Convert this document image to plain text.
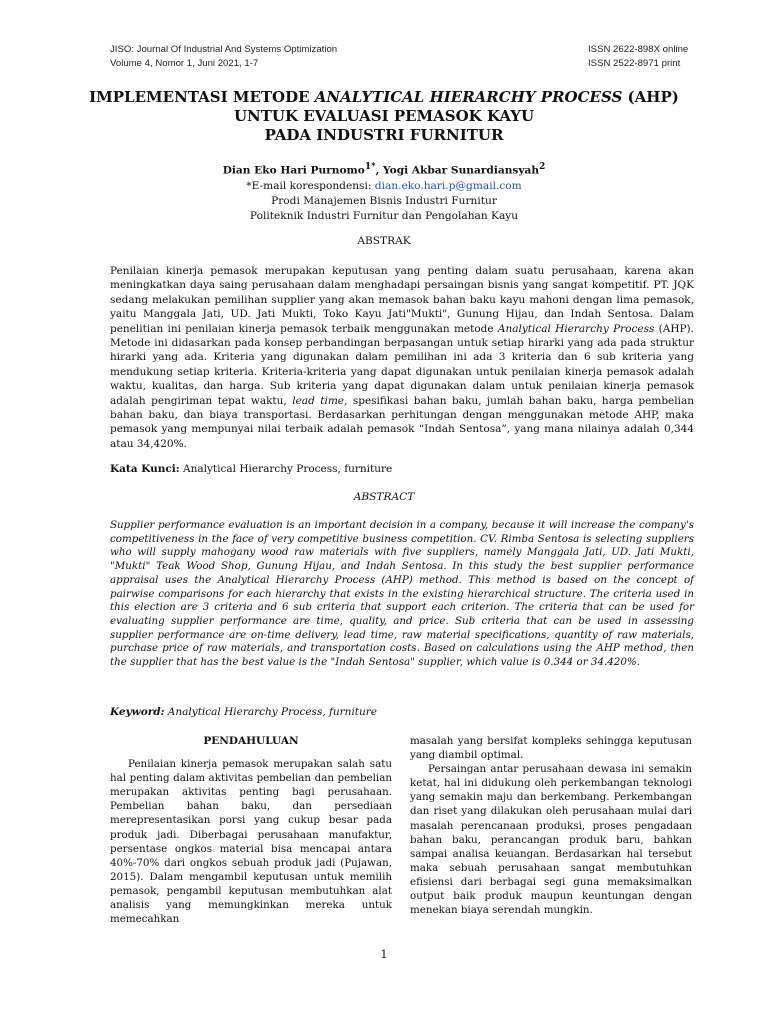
JISO: Journal Of Industrial And Systems Optimization
Volume 4, Nomor 1, Juni 2021, 1-7
ISSN 2622-898X online
ISSN 2522-8971 print
IMPLEMENTASI METODE ANALYTICAL HIERARCHY PROCESS (AHP)
UNTUK EVALUASI PEMASOK KAYU
PADA INDUSTRI FURNITUR
Dian Eko Hari Purnomo$^{1*}$, Yogi Akbar Sunardiansyah$^2$
*E-mail korespondensi: dian.eko.hari.p@gmail.com
Prodi Manajemen Bisnis Industri Furnitur
Politeknik Industri Furnitur dan Pengolahan Kayu
ABSTRAK
Penilaian kinerja pemasok merupakan keputusan yang penting dalam suatu perusahaan, karena akan meningkatkan daya saing perusahaan dalam menghadapi persaingan bisnis yang sangat kompetitif. PT. JQK sedang melakukan pemilihan supplier yang akan memasok bahan baku kayu mahoni dengan lima pemasok, yaitu Manggala Jati, UD. Jati Mukti, Toko Kayu Jati"Mukti", Gunung Hijau, dan Indah Sentosa. Dalam penelitian ini penilaian kinerja pemasok terbaik menggunakan metode Analytical Hierarchy Process (AHP). Metode ini didasarkan pada konsep perbandingan berpasangan untuk setiap hirarki yang ada pada struktur hirarki yang ada. Kriteria yang digunakan dalam pemilihan ini ada 3 kriteria dan 6 sub kriteria yang mendukung setiap kriteria. Kriteria-kriteria yang dapat digunakan untuk penilaian kinerja pemasok adalah waktu, kualitas, dan harga. Sub kriteria yang dapat digunakan dalam untuk penilaian kinerja pemasok adalah pengiriman tepat waktu, lead time, spesifikasi bahan baku, jumlah bahan baku, harga pembelian bahan baku, dan biaya transportasi. Berdasarkan perhitungan dengan menggunakan metode AHP, maka pemasok yang mempunyai nilai terbaik adalah pemasok “Indah Sentosa”, yang mana nilainya adalah 0,344 atau 34,420%.
Kata Kunci: Analytical Hierarchy Process, furniture
ABSTRACT
Supplier performance evaluation is an important decision in a company, because it will increase the company's competitiveness in the face of very competitive business competition. CV. Rimba Sentosa is selecting suppliers who will supply mahogany wood raw materials with five suppliers, namely Manggala Jati, UD. Jati Mukti, "Mukti" Teak Wood Shop, Gunung Hijau, and Indah Sentosa. In this study the best supplier performance appraisal uses the Analytical Hierarchy Process (AHP) method. This method is based on the concept of pairwise comparisons for each hierarchy that exists in the existing hierarchical structure. The criteria used in this election are 3 criteria and 6 sub criteria that support each criterion. The criteria that can be used for evaluating supplier performance are time, quality, and price. Sub criteria that can be used in assessing supplier performance are on-time delivery, lead time, raw material specifications, quantity of raw materials, purchase price of raw materials, and transportation costs. Based on calculations using the AHP method, then the supplier that has the best value is the "Indah Sentosa" supplier, which value is 0.344 or 34.420%.
Keyword: Analytical Hierarchy Process, furniture
PENDAHULUAN

Penilaian kinerja pemasok merupakan salah satu hal penting dalam aktivitas pembelian dan pembelian merupakan aktivitas penting bagi perusahaan. Pembelian bahan baku, dan persediaan merepresentasikan porsi yang cukup besar pada produk jadi. Diberbagai perusahaan manufaktur, persentase ongkos material bisa mencapai antara 40%-70% dari ongkos sebuah produk jadi (Pujawan, 2015). Dalam mengambil keputusan untuk memilih pemasok, pengambil keputusan membutuhkan alat analisis yang memungkinkan mereka untuk memecahkan

masalah yang bersifat kompleks sehingga keputusan yang diambil optimal.

Persaingan antar perusahaan dewasa ini semakin ketat, hal ini didukung oleh perkembangan teknologi yang semakin maju dan berkembang. Perkembangan dan riset yang dilakukan oleh perusahaan mulai dari masalah perencanaan produksi, proses pengadaan bahan baku, perancangan produk baru, bahkan sampai analisa keuangan. Berdasarkan hal tersebut maka sebuah perusahaan sangat membutuhkan efisiensi dari berbagai segi guna memaksimalkan output baik produk maupun keuntungan dengan menekan biaya serendah mungkin.

1
